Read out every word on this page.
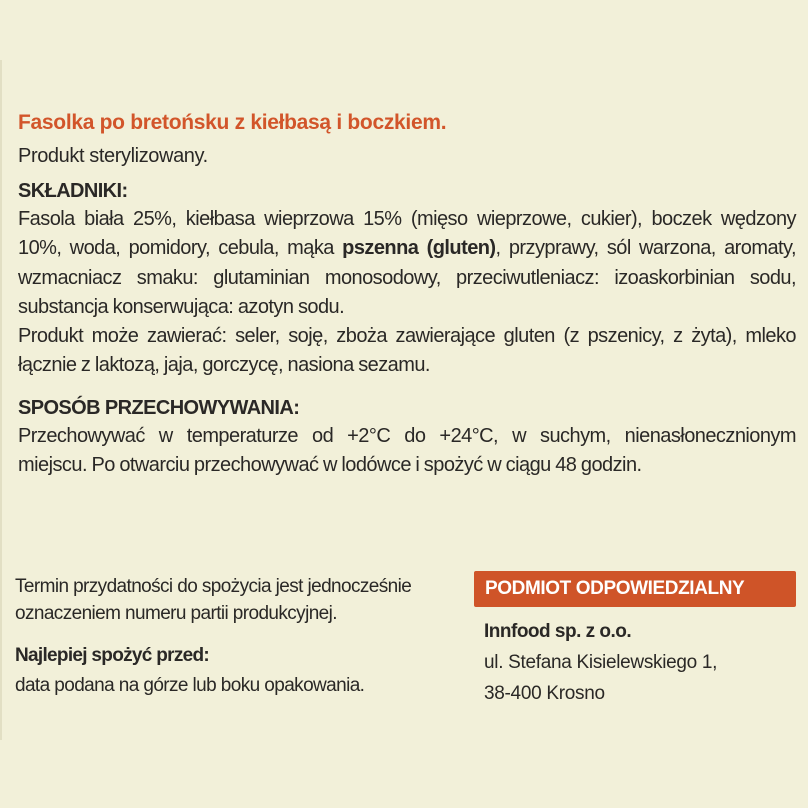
Fasolka po bretońsku z kiełbasą i boczkiem.
Produkt sterylizowany.
SKŁADNIKI:
Fasola biała 25%, kiełbasa wieprzowa 15% (mięso wieprzowe, cukier), boczek wędzony
10%, woda, pomidory, cebula, mąka pszenna (gluten), przyprawy, sól warzona, aromaty,
wzmacniacz smaku: glutaminian monosodowy, przeciwutleniacz: izoaskorbinian sodu,
substancja konserwująca: azotyn sodu.
Produkt może zawierać: seler, soję, zboża zawierające gluten (z pszenicy, z żyta), mleko
łącznie z laktozą, jaja, gorczycę, nasiona sezamu.
SPOSÓB PRZECHOWYWANIA:
Przechowywać w temperaturze od +2°C do +24°C, w suchym, nienasłonecznionym
miejscu. Po otwarciu przechowywać w lodówce i spożyć w ciągu 48 godzin.
Termin przydatności do spożycia jest jednocześnie
oznaczeniem numeru partii produkcyjnej.
Najlepiej spożyć przed:
data podana na górze lub boku opakowania.
PODMIOT ODPOWIEDZIALNY
Innfood sp. z o.o.
ul. Stefana Kisielewskiego 1,
38-400 Krosno
